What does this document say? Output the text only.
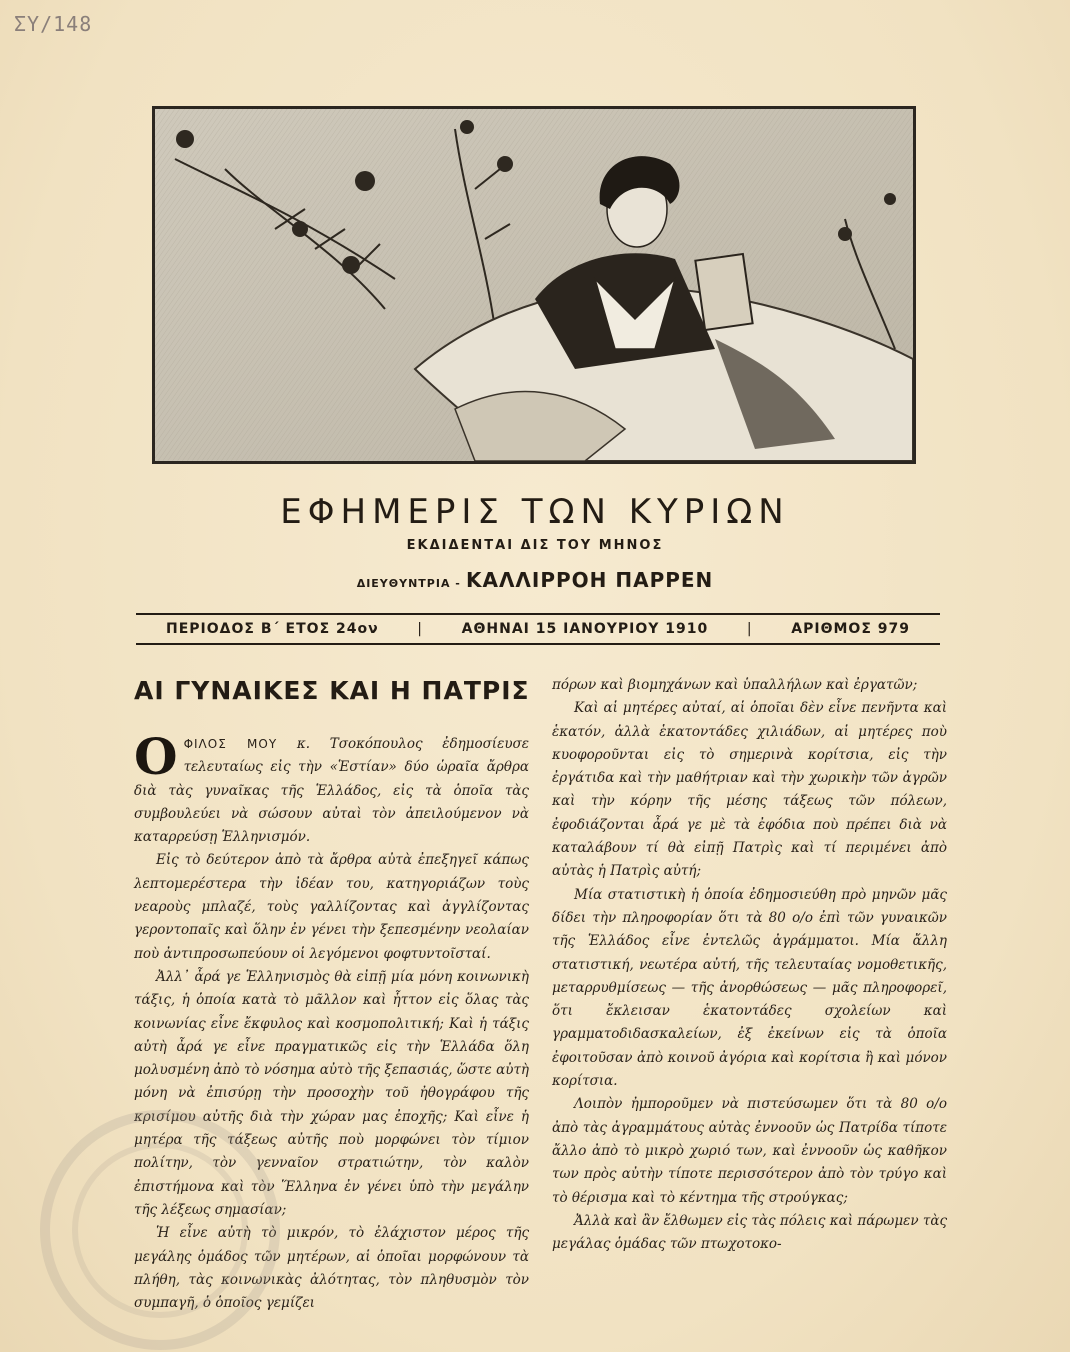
ΣΥ/148
ΕΦΗΜΕΡΙΣ ΤΩΝ ΚΥΡΙΩΝ
ΕΚΔΙΔΕΝΤΑΙ ΔΙΣ ΤΟΥ ΜΗΝΟΣ
ΔΙΕΥΘΥΝΤΡΙΑ - ΚΑΛΛΙΡΡΟΗ ΠΑΡΡΕΝ
ΠΕΡΙΟΔΟΣ Β΄ ΕΤΟΣ 24ον	|	ΑΘΗΝΑΙ 15 ΙΑΝΟΥΡΙΟΥ 1910	|	ΑΡΙΘΜΟΣ 979
ΑΙ ΓΥΝΑΙΚΕΣ ΚΑΙ Η ΠΑΤΡΙΣ

Ο ΦΙΛΟΣ ΜΟΥ κ. Τσοκόπουλος ἐδημοσίευσε τελευταίως εἰς τὴν «Ἑστίαν» δύο ὡραῖα ἄρθρα διὰ τὰς γυναῖκας τῆς Ἑλλάδος, εἰς τὰ ὁποῖα τὰς συμβουλεύει νὰ σώσουν αὐταὶ τὸν ἀπειλούμενον νὰ καταρρεύσῃ Ἑλληνισμόν.

Εἰς τὸ δεύτερον ἀπὸ τὰ ἄρθρα αὐτὰ ἐπεξηγεῖ κάπως λεπτομερέστερα τὴν ἰδέαν του, κατηγοριάζων τοὺς νεαροὺς μπλαζέ, τοὺς γαλλίζοντας καὶ ἀγγλίζοντας γεροντοπαῖς καὶ ὅλην ἐν γένει τὴν ξεπεσμένην νεολαίαν ποὺ ἀντιπροσωπεύουν οἱ λεγόμενοι φοφτυντοῖσταί.

Ἀλλ᾽ ἆρά γε Ἑλληνισμὸς θὰ εἰπῇ μία μόνη κοινωνικὴ τάξις, ἡ ὁποία κατὰ τὸ μᾶλλον καὶ ἧττον εἰς ὅλας τὰς κοινωνίας εἶνε ἔκφυλος καὶ κοσμοπολιτική; Καὶ ἡ τάξις αὐτὴ ἆρά γε εἶνε πραγματικῶς εἰς τὴν Ἑλλάδα ὅλη μολυσμένη ἀπὸ τὸ νόσημα αὐτὸ τῆς ξεπασιάς, ὥστε αὐτὴ μόνη νὰ ἐπισύρῃ τὴν προσοχὴν τοῦ ἠθογράφου τῆς κρισίμου αὐτῆς διὰ τὴν χώραν μας ἐποχῆς; Καὶ εἶνε ἡ μητέρα τῆς τάξεως αὐτῆς ποὺ μορφώνει τὸν τίμιον πολίτην, τὸν γενναῖον στρατιώτην, τὸν καλὸν ἐπιστήμονα καὶ τὸν Ἕλληνα ἐν γένει ὑπὸ τὴν μεγάλην τῆς λέξεως σημασίαν;

Ἡ εἶνε αὐτὴ τὸ μικρόν, τὸ ἐλάχιστον μέρος τῆς μεγάλης ὁμάδος τῶν μητέρων, αἱ ὁποῖαι μορφώνουν τὰ πλήθη, τὰς κοινωνικὰς ἀλότητας, τὸν πληθυσμὸν τὸν συμπαγῆ, ὁ ὁποῖος γεμίζει

πόρων καὶ βιομηχάνων καὶ ὑπαλλήλων καὶ ἐργατῶν;

Καὶ αἱ μητέρες αὐταί, αἱ ὁποῖαι δὲν εἶνε πενῆντα καὶ ἑκατόν, ἀλλὰ ἑκατοντάδες χιλιάδων, αἱ μητέρες ποὺ κυοφοροῦνται εἰς τὸ σημερινὰ κορίτσια, εἰς τὴν ἐργάτιδα καὶ τὴν μαθήτριαν καὶ τὴν χωρικὴν τῶν ἀγρῶν καὶ τὴν κόρην τῆς μέσης τάξεως τῶν πόλεων, ἐφοδιάζονται ἆρά γε μὲ τὰ ἐφόδια ποὺ πρέπει διὰ νὰ καταλάβουν τί θὰ εἰπῇ Πατρὶς καὶ τί περιμένει ἀπὸ αὐτὰς ἡ Πατρὶς αὐτή;

Μία στατιστικὴ ἡ ὁποία ἐδημοσιεύθη πρὸ μηνῶν μᾶς δίδει τὴν πληροφορίαν ὅτι τὰ 80 ο/ο ἐπὶ τῶν γυναικῶν τῆς Ἑλλάδος εἶνε ἐντελῶς ἀγράμματοι. Μία ἄλλη στατιστική, νεωτέρα αὐτή, τῆς τελευταίας νομοθετικῆς, μεταρρυθμίσεως — τῆς ἀνορθώσεως — μᾶς πληροφορεῖ, ὅτι ἔκλεισαν ἑκατοντάδες σχολείων καὶ γραμματοδιδασκαλείων, ἐξ ἐκείνων εἰς τὰ ὁποῖα ἐφοιτοῦσαν ἀπὸ κοινοῦ ἀγόρια καὶ κορίτσια ἢ καὶ μόνον κορίτσια.

Λοιπὸν ἠμποροῦμεν νὰ πιστεύσωμεν ὅτι τὰ 80 ο/ο ἀπὸ τὰς ἀγραμμάτους αὐτὰς ἐννοοῦν ὡς Πατρίδα τίποτε ἄλλο ἀπὸ τὸ μικρὸ χωριό των, καὶ ἐννοοῦν ὡς καθῆκον των πρὸς αὐτὴν τίποτε περισσότερον ἀπὸ τὸν τρύγο καὶ τὸ θέρισμα καὶ τὸ κέντημα τῆς στρούγκας;

Ἀλλὰ καὶ ἂν ἔλθωμεν εἰς τὰς πόλεις καὶ πάρωμεν τὰς μεγάλας ὁμάδας τῶν πτωχοτοκο-
